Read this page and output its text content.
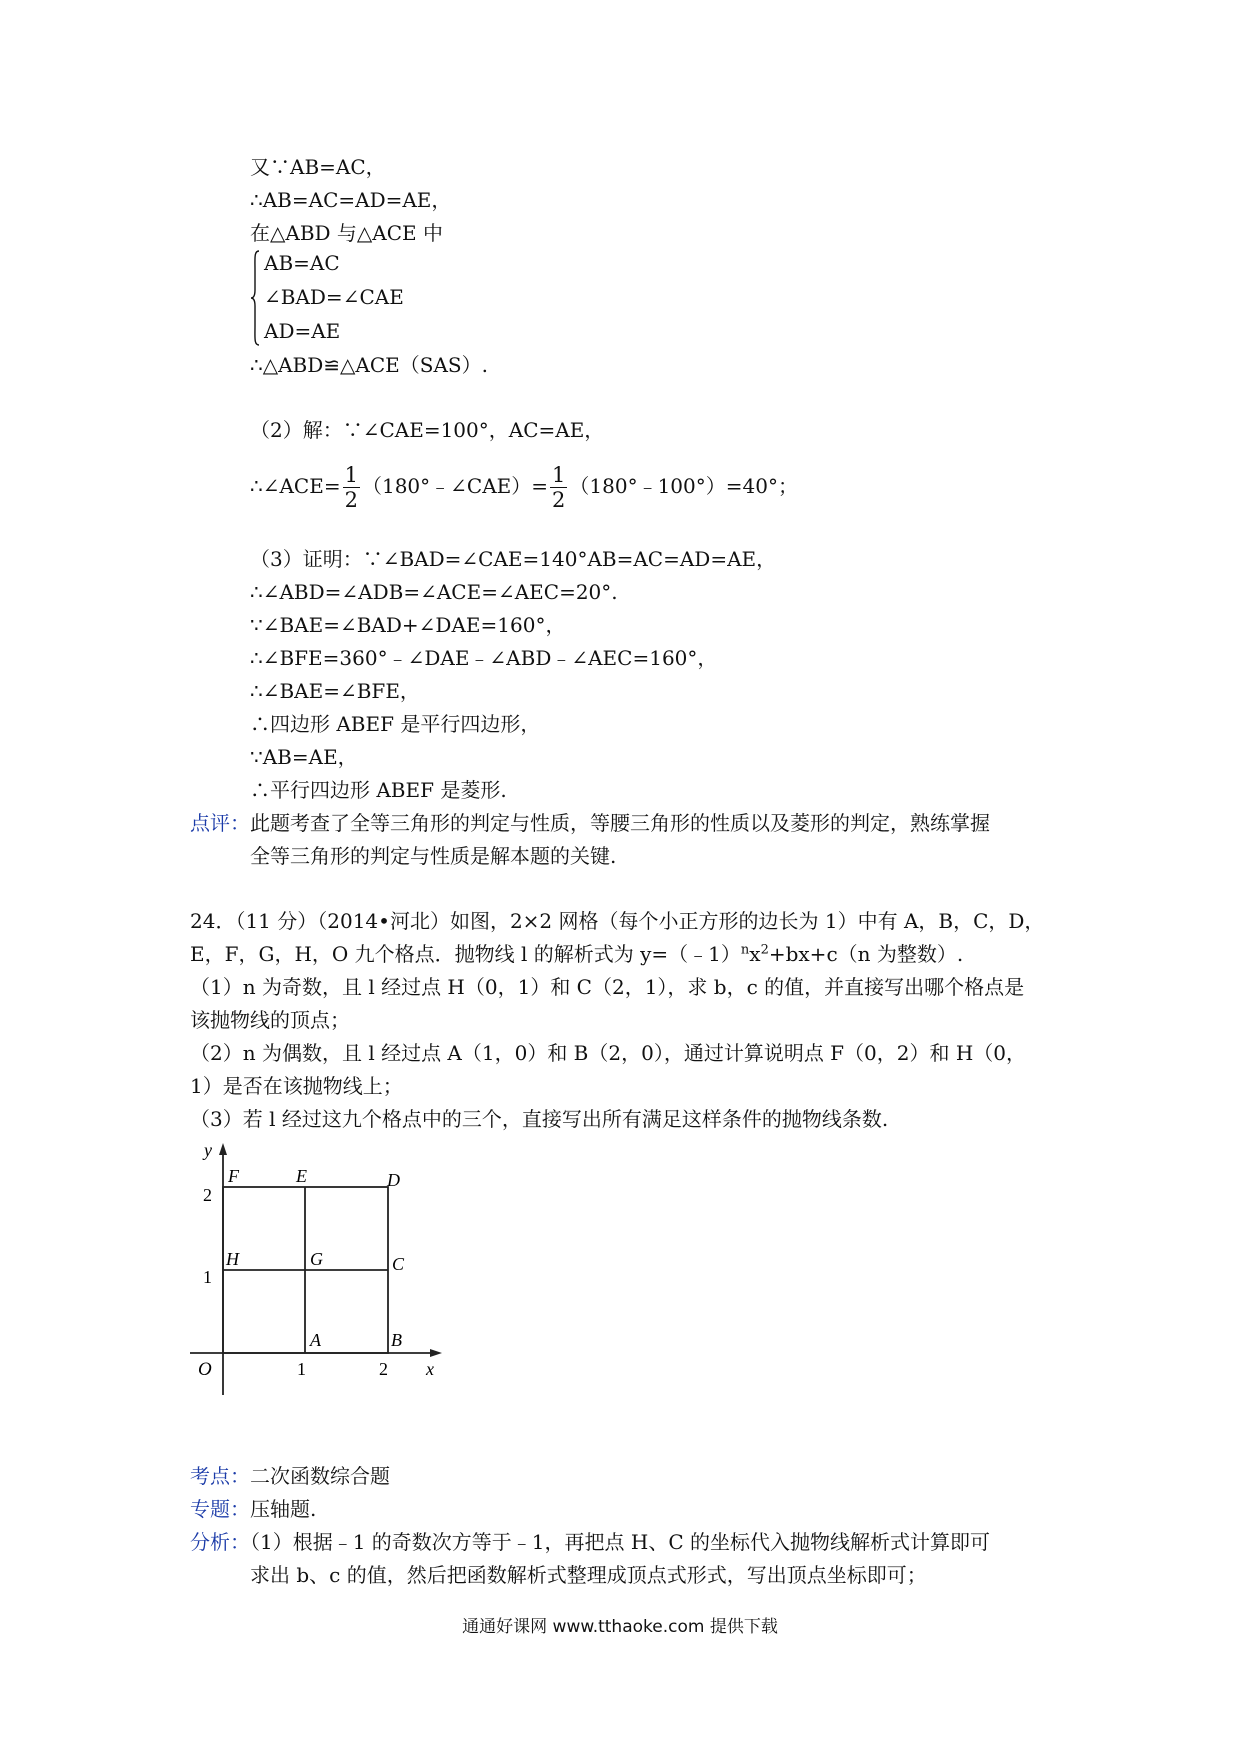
又∵AB=AC，
∴AB=AC=AD=AE，
在△ABD 与△ACE 中
AB=AC
∠BAD=∠CAE
AD=AE
∴△ABD≌△ACE（SAS）.
（2）解：∵∠CAE=100°，AC=AE，
∴∠ACE= $\frac{1}{2}$ （180°﹣∠CAE）= $\frac{1}{2}$ （180°﹣100°）=40°；
（3）证明：∵∠BAD=∠CAE=140°AB=AC=AD=AE，
∴∠ABD=∠ADB=∠ACE=∠AEC=20°.
∵∠BAE=∠BAD+∠DAE=160°，
∴∠BFE=360°﹣∠DAE﹣∠ABD﹣∠AEC=160°，
∴∠BAE=∠BFE，
∴四边形 ABEF 是平行四边形，
∵AB=AE，
∴平行四边形 ABEF 是菱形.
点评：此题考查了全等三角形的判定与性质，等腰三角形的性质以及菱形的判定，熟练掌握
全等三角形的判定与性质是解本题的关键.
24．（11 分）（2014•河北）如图，2×2 网格（每个小正方形的边长为 1）中有 A，B，C，D，
E，F，G，H，O 九个格点．抛物线 l 的解析式为 $y=(﹣1)^nx^2+bx+c(n$ 为整数）.
（1）n 为奇数，且 l 经过点 H（0，1）和 C（2，1），求 b，c 的值，并直接写出哪个格点是
该抛物线的顶点；
（2）n 为偶数，且 l 经过点 A（1，0）和 B（2，0），通过计算说明点 F（0，2）和 H（0，
1）是否在该抛物线上；
（3）若 l 经过这九个格点中的三个，直接写出所有满足这样条件的抛物线条数.
y
x
O	1	2
1
2
F	E	D
H	G	C
A	B
考点：二次函数综合题
专题：压轴题.
分析：（1）根据﹣1 的奇数次方等于﹣1，再把点 H、C 的坐标代入抛物线解析式计算即可
求出 b、c 的值，然后把函数解析式整理成顶点式形式，写出顶点坐标即可；
通通好课网 www.tthaoke.com 提供下载
